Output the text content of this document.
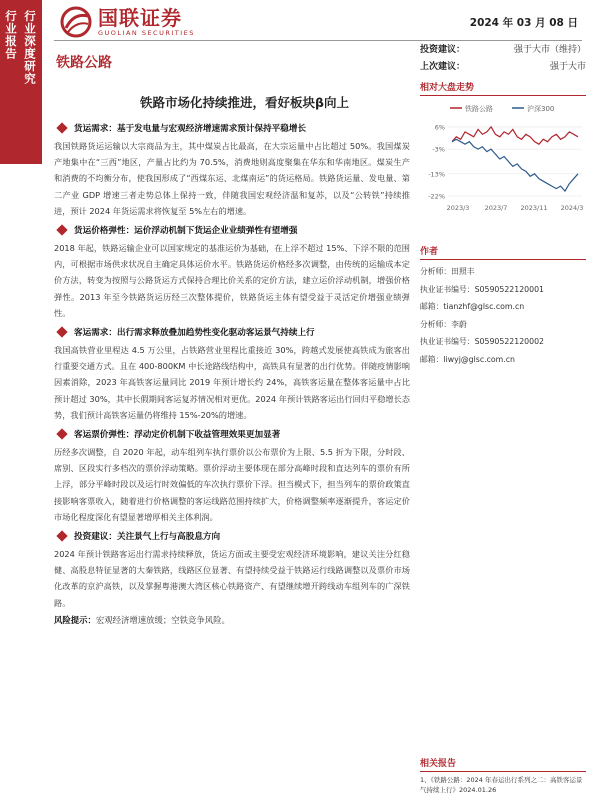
行业报告 行业深度研究	国联证券
GUOLIAN SECURITIES
2024 年 03 月 08 日
铁路公路
投资建议：	强于大市（维持）
上次建议：	强于大市
铁路市场化持续推进，看好板块β向上
货运需求：基于发电量与宏观经济增速需求预计保持平稳增长
我国铁路货运运输以大宗商品为主，其中煤炭占比最高，在大宗运量中占比超过 50%。我国煤炭产地集中在“三西”地区，产量占比约为 70.5%，消费地则高度聚集在华东和华南地区。煤炭生产和消费的不均衡分布，使我国形成了“西煤东运、北煤南运”的货运格局。铁路货运量、发电量、第二产业 GDP 增速三者走势总体上保持一致，伴随我国宏观经济温和复苏，以及“公转铁”持续推进，预计 2024 年货运需求将恢复至 5%左右的增速。
货运价格弹性：运价浮动机制下货运企业业绩弹性有望增强
2018 年起，铁路运输企业可以国家规定的基准运价为基础，在上浮不超过 15%、下浮不限的范围内，可根据市场供求状况自主确定具体运价水平。铁路货运价格经多次调整，由传统的运输成本定价方法，转变为按照与公路货运方式保持合理比价关系的定价方法，建立运价浮动机制，增强价格弹性。2013 年至今铁路货运历经三次整体提价，铁路货运主体有望受益于灵活定价增强业绩弹性。
客运需求：出行需求释放叠加趋势性变化驱动客运景气持续上行
我国高铁营业里程达 4.5 万公里，占铁路营业里程比重接近 30%，跨越式发展使高铁成为旅客出行重要交通方式。且在 400-800KM 中长途路线结构中，高铁具有显著的出行优势。伴随疫情影响因素消除，2023 年高铁客运量同比 2019 年预计增长约 24%，高铁客运量在整体客运量中占比预计超过 30%，其中长假期间客运复苏情况相对更优。2024 年预计铁路客运出行回归平稳增长态势，我们预计高铁客运量仍将维持 15%-20%的增速。
客运票价弹性：浮动定价机制下收益管理效果更加显著
历经多次调整，自 2020 年起，动车组列车执行票价以公布票价为上限、5.5 折为下限，分时段、席别、区段实行多档次的票价浮动策略。票价浮动主要体现在部分高峰时段和直达列车的票价有所上浮，部分平峰时段以及运行时效偏低的车次执行票价下浮。担当模式下，担当列车的票价政策直接影响客票收入，随着进行价格调整的客运线路范围持续扩大，价格调整频率逐渐提升，客运定价市场化程度深化有望显著增厚相关主体利润。
投资建议：关注景气上行与高股息方向
2024 年预计铁路客运出行需求持续释放，货运方面或主要受宏观经济环境影响，建议关注分红稳健、高股息特征显著的大秦铁路，线路区位显著、有望持续受益于铁路运行线路调整以及票价市场化改革的京沪高铁，以及掌握粤港澳大湾区核心铁路资产、有望继续增开跨线动车组列车的广深铁路。
风险提示：宏观经济增速放缓；空铁竞争风险。
相对大盘走势
铁路公路	沪深300
6%
-3%
-13%
-22%
2023/3 2023/7 2023/11 2024/3
作者
分析师：田照丰
执业证书编号：S0590522120001
邮箱：tianzhf@glsc.com.cn
分析师：李蔚
执业证书编号：S0590522120002
邮箱：liwyj@glsc.com.cn
相关报告
1、《铁路公路：2024 年春运出行系列之二：高铁客运景气持续上行》2024.01.26
